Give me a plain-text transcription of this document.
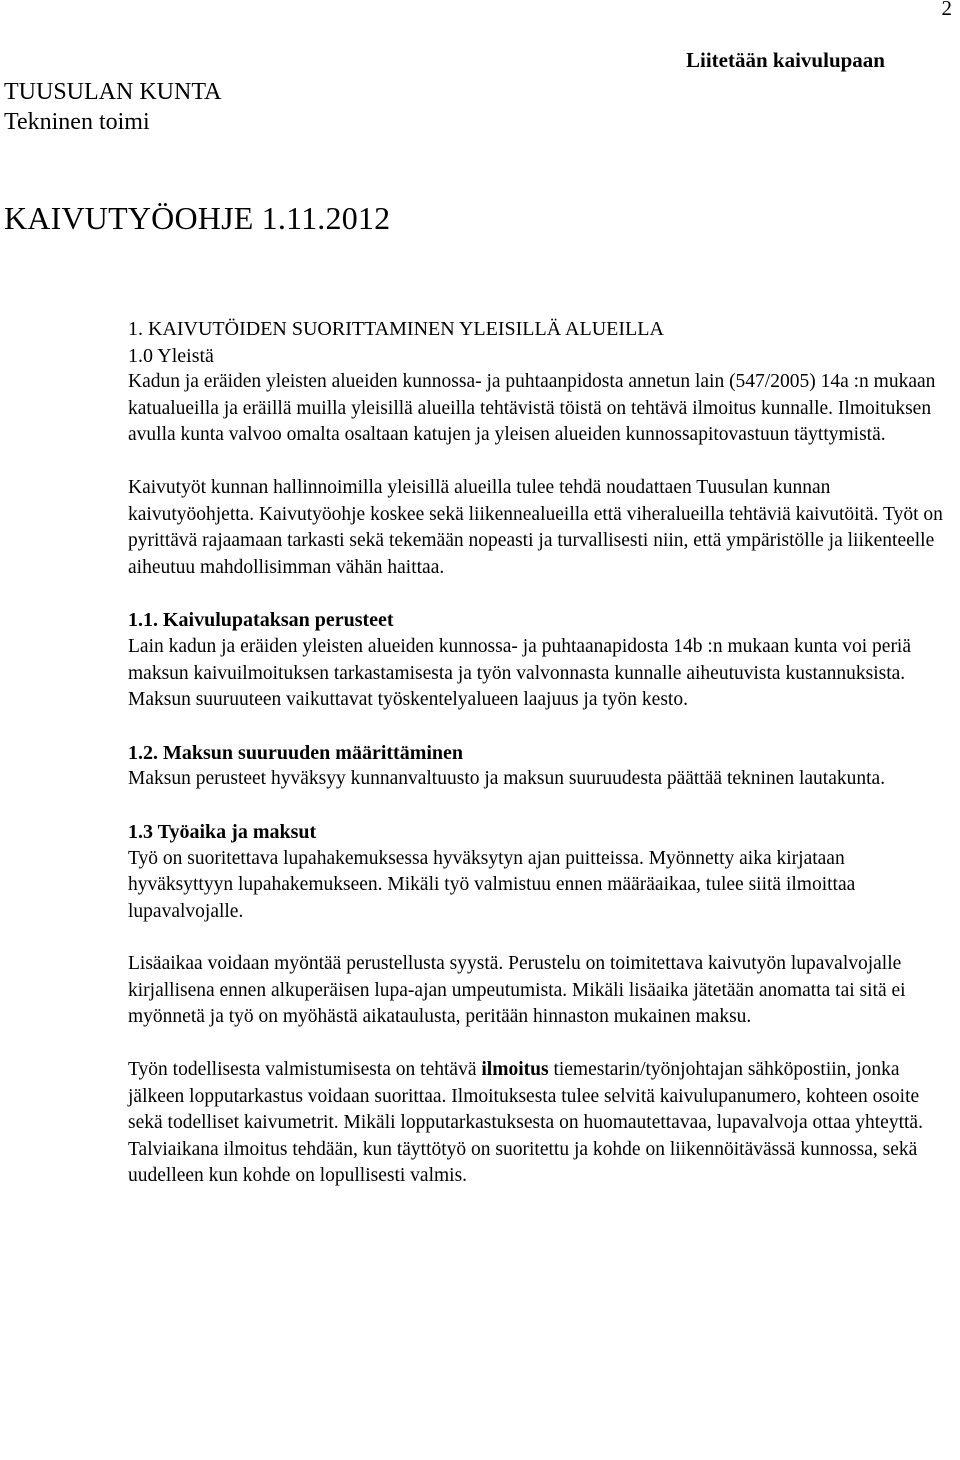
2
Liitetään kaivulupaan
TUUSULAN KUNTA
Tekninen toimi
KAIVUTYÖOHJE 1.11.2012

1. KAIVUTÖIDEN SUORITTAMINEN YLEISILLÄ ALUEILLA

1.0 Yleistä

Kadun ja eräiden yleisten alueiden kunnossa- ja puhtaanpidosta annetun lain (547/2005) 14a :n mukaan katualueilla ja eräillä muilla yleisillä alueilla tehtävistä töistä on tehtävä ilmoitus kunnalle. Ilmoituksen avulla kunta valvoo omalta osaltaan katujen ja yleisen alueiden kunnossapitovastuun täyttymistä.

Kaivutyöt kunnan hallinnoimilla yleisillä alueilla tulee tehdä noudattaen Tuusulan kunnan kaivutyöohjetta. Kaivutyöohje koskee sekä liikennealueilla että viheralueilla tehtäviä kaivutöitä. Työt on pyrittävä rajaamaan tarkasti sekä tekemään nopeasti ja turvallisesti niin, että ympäristölle ja liikenteelle aiheutuu mahdollisimman vähän haittaa.

1.1. Kaivulupataksan perusteet

Lain kadun ja eräiden yleisten alueiden kunnossa- ja puhtaanapidosta 14b :n mukaan kunta voi periä maksun kaivuilmoituksen tarkastamisesta ja työn valvonnasta kunnalle aiheutuvista kustannuksista. Maksun suuruuteen vaikuttavat työskentelyalueen laajuus ja työn kesto.

1.2. Maksun suuruuden määrittäminen

Maksun perusteet hyväksyy kunnanvaltuusto ja maksun suuruudesta päättää tekninen lautakunta.

1.3 Työaika ja maksut

Työ on suoritettava lupahakemuksessa hyväksytyn ajan puitteissa. Myönnetty aika kirjataan hyväksyttyyn lupahakemukseen. Mikäli työ valmistuu ennen määräaikaa, tulee siitä ilmoittaa lupavalvojalle.

Lisäaikaa voidaan myöntää perustellusta syystä. Perustelu on toimitettava kaivutyön lupavalvojalle kirjallisena ennen alkuperäisen lupa-ajan umpeutumista. Mikäli lisäaika jätetään anomatta tai sitä ei myönnetä ja työ on myöhästä aikataulusta, peritään hinnaston mukainen maksu.

Työn todellisesta valmistumisesta on tehtävä ilmoitus tiemestarin/työnjohtajan sähköpostiin, jonka jälkeen lopputarkastus voidaan suorittaa. Ilmoituksesta tulee selvitä kaivulupanumero, kohteen osoite sekä todelliset kaivumetrit. Mikäli lopputarkastuksesta on huomautettavaa, lupavalvoja ottaa yhteyttä. Talviaikana ilmoitus tehdään, kun täyttötyö on suoritettu ja kohde on liikennöitävässä kunnossa, sekä uudelleen kun kohde on lopullisesti valmis.
